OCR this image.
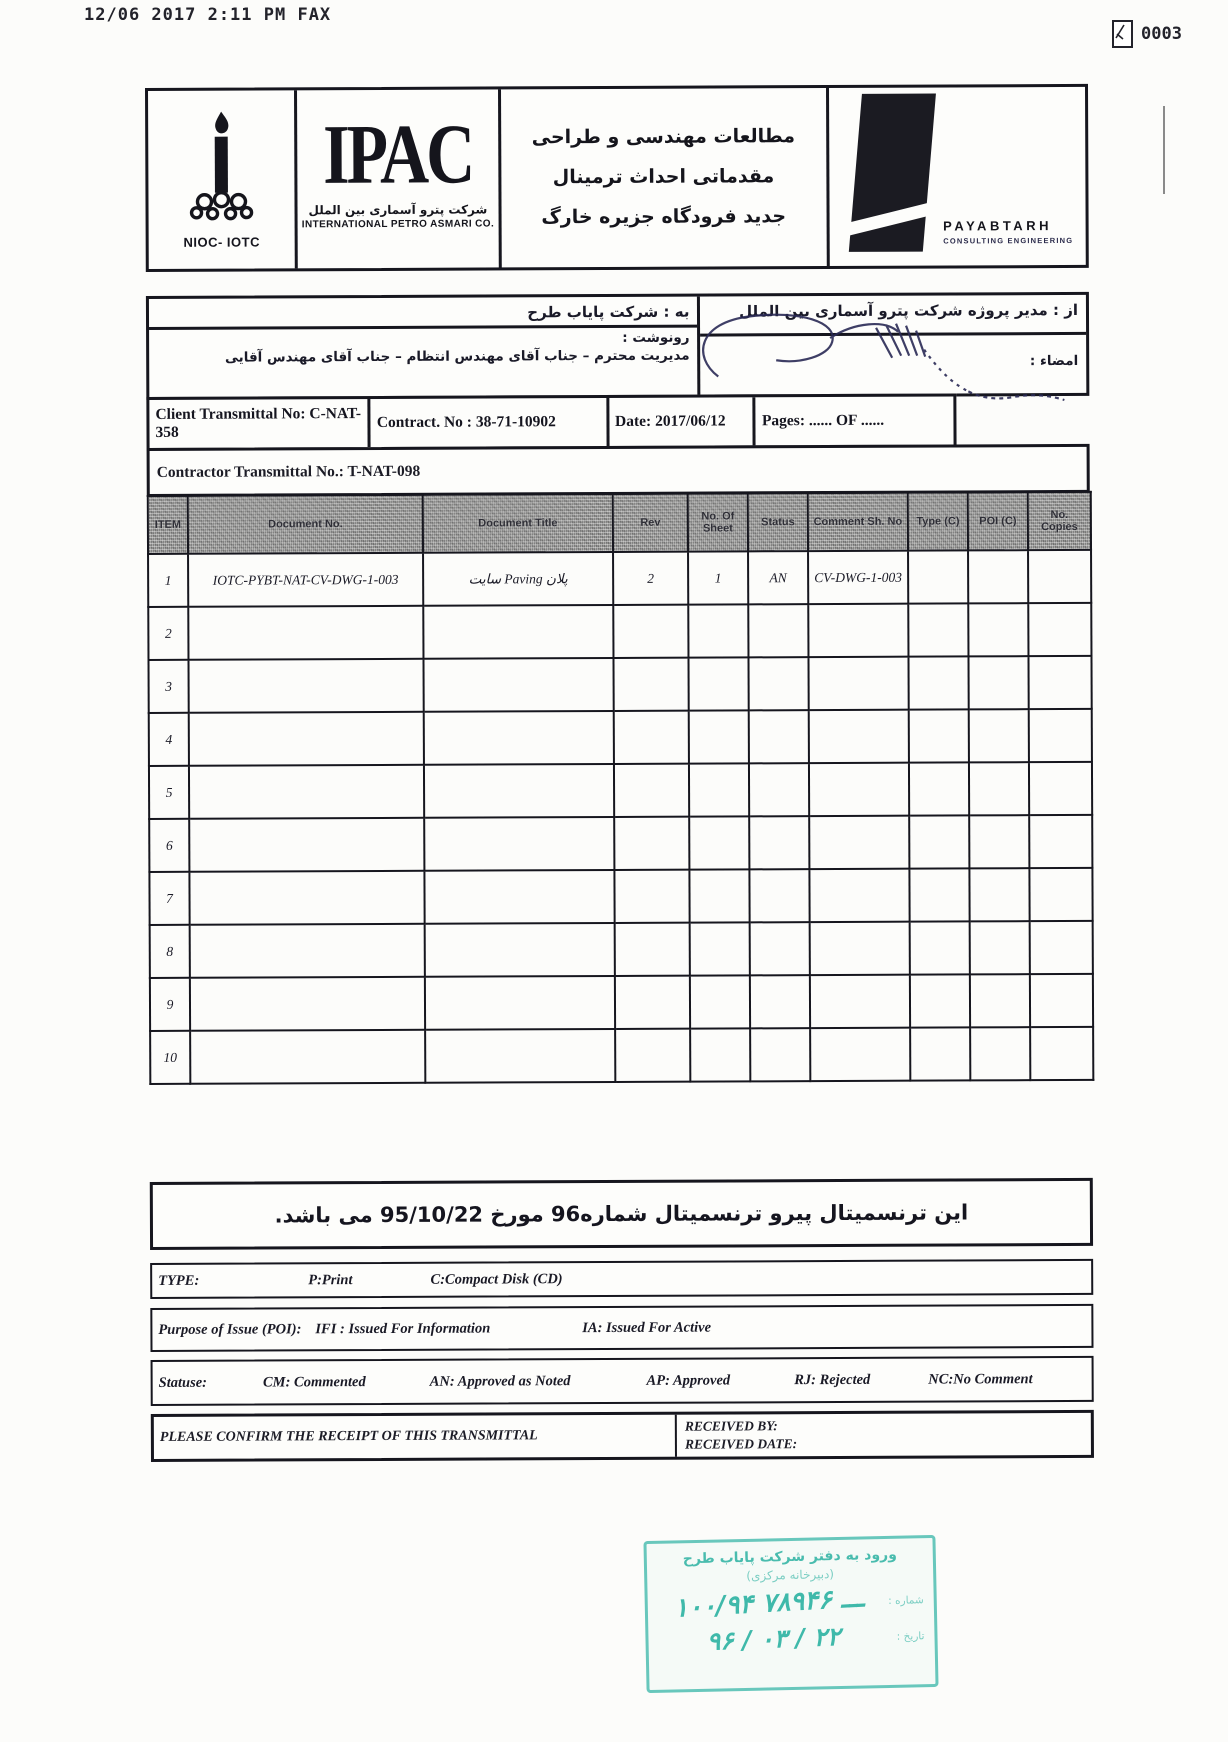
12/06 2017 2:11 PM FAX
0003
NIOC- IOTC
IPAC
شرکت پترو آسماری بین الملل
INTERNATIONAL PETRO ASMARI CO.
مطالعات مهندسی و طراحی مقدماتی احداث ترمینال
جدید فرودگاه جزیره خارگ	PAYABTARH
CONSULTING ENGINEERING
به : شرکت پایاب طرح
رونوشت :
مدیریت محترم – جناب آقای مهندس انتظام – جناب آقای مهندس آقایی
از : مدیر پروژه شرکت پترو آسماری بین الملل
امضاء :
Client Transmittal No: C-NAT-358
Contract. No : 38-71-10902	Date: 2017/06/12	Pages: ...... OF ......
Contractor Transmittal No.: T-NAT-098
ITEM	Document No.	Document Title	Rev	No. Of Sheet	Status	Comment Sh. No	Type (C)	POI (C)	No. Copies
1	IOTC-PYBT-NAT-CV-DWG-1-003	پلان Paving سایت	2	1	AN	CV-DWG-1-003			
2									
3									
4									
5									
6									
7									
8									
9									
10									
این ترنسمیتال پیرو ترنسمیتال شماره96 مورخ 95/10/22 می باشد.
TYPE:	P:Print	C:Compact Disk (CD)
Purpose of Issue (POI): IFI : Issued For Information	IA: Issued For Active
Statuse:	CM: Commented	AN: Approved as Noted	AP: Approved	RJ: Rejected	NC:No Comment
PLEASE CONFIRM THE RECEIPT OF THIS TRANSMITTAL
RECEIVED BY:
RECEIVED DATE:
ورود به دفتر شرکت پایاب طرح
(دبیرخانه مرکزی)
شماره :
۱۰۰/۹۴ ـــ ۷۸۹۴۶
تاریخ :
۹۶ / ۰۳ / ۲۲
